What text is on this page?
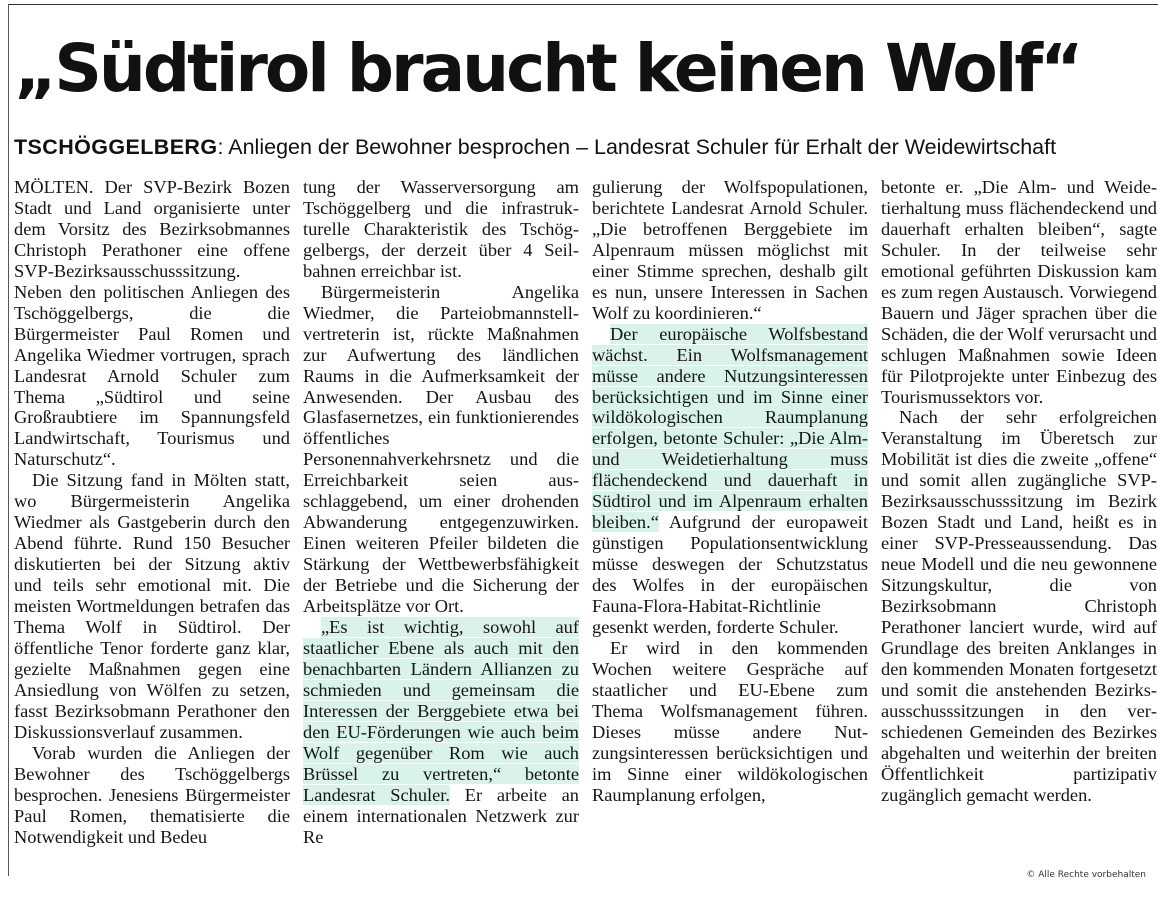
„Südtirol braucht keinen Wolf“
TSCHÖGGELBERG: Anliegen der Bewohner besprochen – Landesrat Schuler für Erhalt der Weidewirtschaft

MÖLTEN. Der SVP-Bezirk Bozen Stadt und Land organisierte unter dem Vorsitz des Bezirksobmannes Christoph Perathoner eine offene SVP-Bezirksausschusssitzung. Neben den politischen Anliegen des Tschöggelbergs, die die Bürgermeister Paul Romen und Angelika Wiedmer vortrugen, sprach Landesrat Arnold Schuler zum Thema „Südtirol und seine Großraubtiere im Spannungsfeld Landwirtschaft, Tourismus und Naturschutz“.

Die Sitzung fand in Mölten statt, wo Bürgermeisterin Angelika Wiedmer als Gastgeberin durch den Abend führte. Rund 150 Besucher diskutierten bei der Sitzung aktiv und teils sehr emotional mit. Die meisten Wortmeldungen betrafen das Thema Wolf in Südtirol. Der öffentliche Tenor forderte ganz klar, gezielte Maßnahmen gegen eine Ansiedlung von Wölfen zu setzen, fasst Bezirksobmann Perathoner den Diskussionsverlauf zusammen.

Vorab wurden die Anliegen der Bewohner des Tschöggelbergs besprochen. Jenesiens Bürgermeister Paul Romen, thematisierte die Notwendigkeit und Bedeu

tung der Wasserversorgung am Tschöggelberg und die infrastrukturelle Charakteristik des Tschöggelbergs, der derzeit über 4 Seilbahnen erreichbar ist.

Bürgermeisterin Angelika Wiedmer, die Parteiobmannstellvertreterin ist, rückte Maßnahmen zur Aufwertung des ländlichen Raums in die Aufmerksamkeit der Anwesenden. Der Ausbau des Glasfasernetzes, ein funktionierendes öffentliches Personennahverkehrsnetz und die Erreichbarkeit seien ausschlaggebend, um einer drohenden Abwanderung entgegenzuwirken. Einen weiteren Pfeiler bildeten die Stärkung der Wettbewerbsfähigkeit der Betriebe und die Sicherung der Arbeitsplätze vor Ort.

„Es ist wichtig, sowohl auf staatlicher Ebene als auch mit den benachbarten Ländern Allianzen zu schmieden und gemeinsam die Interessen der Berggebiete etwa bei den EU-Förderungen wie auch beim Wolf gegenüber Rom wie auch Brüssel zu vertreten,“ betonte Landesrat Schuler. Er arbeite an einem internationalen Netzwerk zur Re

gulierung der Wolfspopulationen, berichtete Landesrat Arnold Schuler. „Die betroffenen Berggebiete im Alpenraum müssen möglichst mit einer Stimme sprechen, deshalb gilt es nun, unsere Interessen in Sachen Wolf zu koordinieren.“

Der europäische Wolfsbestand wächst. Ein Wolfsmanagement müsse andere Nutzungsinteressen berücksichtigen und im Sinne einer wildökologischen Raumplanung erfolgen, betonte Schuler: „Die Alm- und Weidetierhaltung muss flächendeckend und dauerhaft in Südtirol und im Alpenraum erhalten bleiben.“ Aufgrund der europaweit günstigen Populationsentwicklung müsse deswegen der Schutzstatus des Wolfes in der europäischen Fauna-Flora-Habitat-Richtlinie gesenkt werden, forderte Schuler.

Er wird in den kommenden Wochen weitere Gespräche auf staatlicher und EU-Ebene zum Thema Wolfsmanagement führen. Dieses müsse andere Nutzungsinteressen berücksichtigen und im Sinne einer wildökologischen Raumplanung erfolgen,

betonte er. „Die Alm- und Weidetierhaltung muss flächendeckend und dauerhaft erhalten bleiben“, sagte Schuler. In der teilweise sehr emotional geführten Diskussion kam es zum regen Austausch. Vorwiegend Bauern und Jäger sprachen über die Schäden, die der Wolf verursacht und schlugen Maßnahmen sowie Ideen für Pilotprojekte unter Einbezug des Tourismussektors vor.

Nach der sehr erfolgreichen Veranstaltung im Überetsch zur Mobilität ist dies die zweite „offene“ und somit allen zugängliche SVP-Bezirksausschusssitzung im Bezirk Bozen Stadt und Land, heißt es in einer SVP-Presseaussendung. Das neue Modell und die neu gewonnene Sitzungskultur, die von Bezirksobmann Christoph Perathoner lanciert wurde, wird auf Grundlage des breiten Anklanges in den kommenden Monaten fortgesetzt und somit die anstehenden Bezirksausschusssitzungen in den verschiedenen Gemeinden des Bezirkes abgehalten und weiterhin der breiten Öffentlichkeit partizipativ zugänglich gemacht werden.

© Alle Rechte vorbehalten
